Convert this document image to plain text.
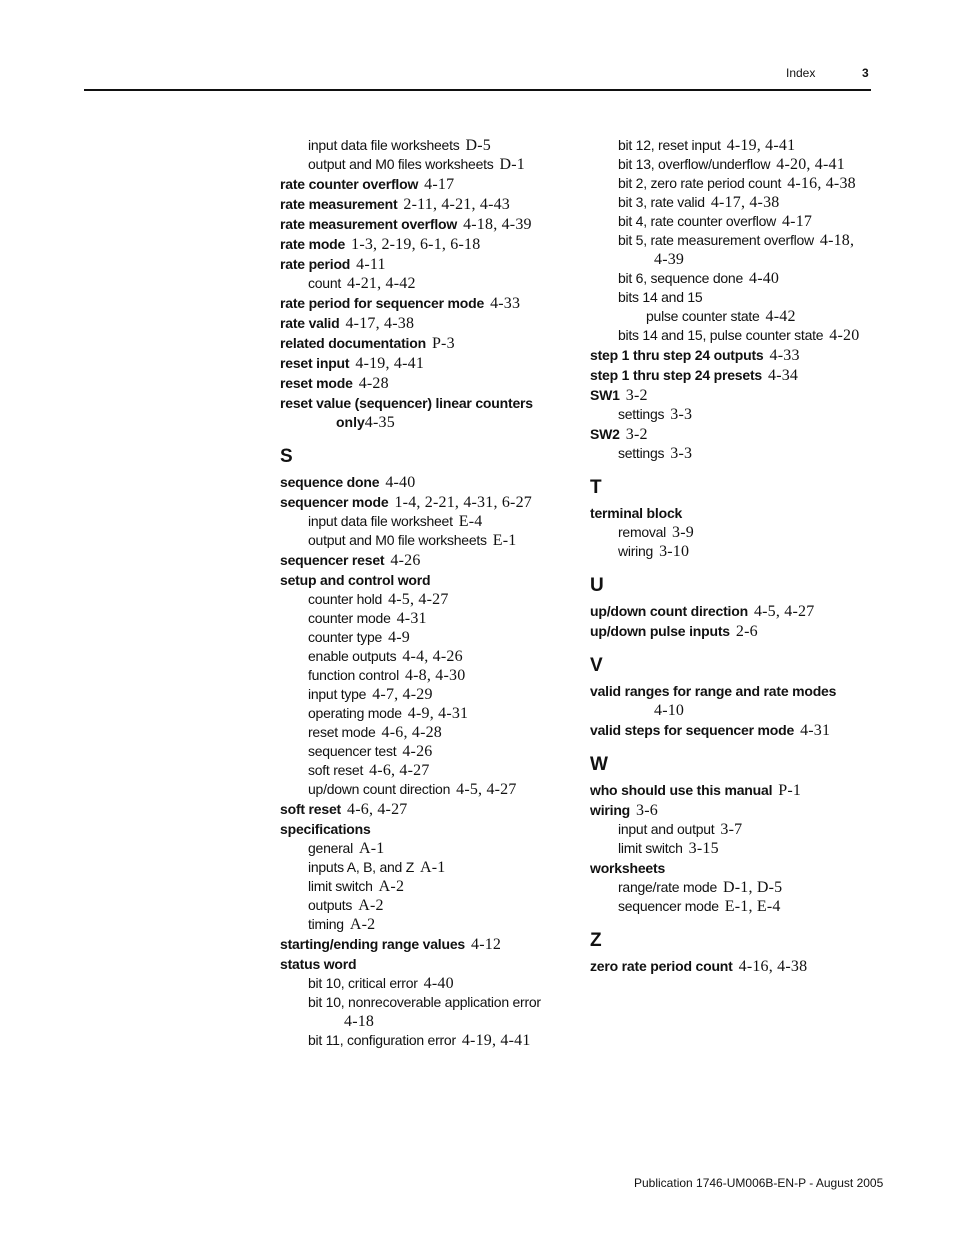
Index	3
input data file worksheets D-5
output and M0 files worksheets D-1
rate counter overflow 4-17
rate measurement 2-11, 4-21, 4-43
rate measurement overflow 4-18, 4-39
rate mode 1-3, 2-19, 6-1, 6-18
rate period 4-11
count 4-21, 4-42
rate period for sequencer mode 4-33
rate valid 4-17, 4-38
related documentation P-3
reset input 4-19, 4-41
reset mode 4-28
reset value (sequencer) linear counters
only4-35
S
sequence done 4-40
sequencer mode 1-4, 2-21, 4-31, 6-27
input data file worksheet E-4
output and M0 file worksheets E-1
sequencer reset 4-26
setup and control word
counter hold 4-5, 4-27
counter mode 4-31
counter type 4-9
enable outputs 4-4, 4-26
function control 4-8, 4-30
input type 4-7, 4-29
operating mode 4-9, 4-31
reset mode 4-6, 4-28
sequencer test 4-26
soft reset 4-6, 4-27
up/down count direction 4-5, 4-27
soft reset 4-6, 4-27
specifications
general A-1
inputs A, B, and Z A-1
limit switch A-2
outputs A-2
timing A-2
starting/ending range values 4-12
status word
bit 10, critical error 4-40
bit 10, nonrecoverable application error
4-18
bit 11, configuration error 4-19, 4-41
bit 12, reset input 4-19, 4-41
bit 13, overflow/underflow 4-20, 4-41
bit 2, zero rate period count 4-16, 4-38
bit 3, rate valid 4-17, 4-38
bit 4, rate counter overflow 4-17
bit 5, rate measurement overflow 4-18,
4-39
bit 6, sequence done 4-40
bits 14 and 15
pulse counter state 4-42
bits 14 and 15, pulse counter state 4-20
step 1 thru step 24 outputs 4-33
step 1 thru step 24 presets 4-34
SW1 3-2
settings 3-3
SW2 3-2
settings 3-3
T
terminal block
removal 3-9
wiring 3-10
U
up/down count direction 4-5, 4-27
up/down pulse inputs 2-6
V
valid ranges for range and rate modes
4-10
valid steps for sequencer mode 4-31
W
who should use this manual P-1
wiring 3-6
input and output 3-7
limit switch 3-15
worksheets
range/rate mode D-1, D-5
sequencer mode E-1, E-4
Z
zero rate period count 4-16, 4-38
Publication 1746-UM006B-EN-P - August 2005
